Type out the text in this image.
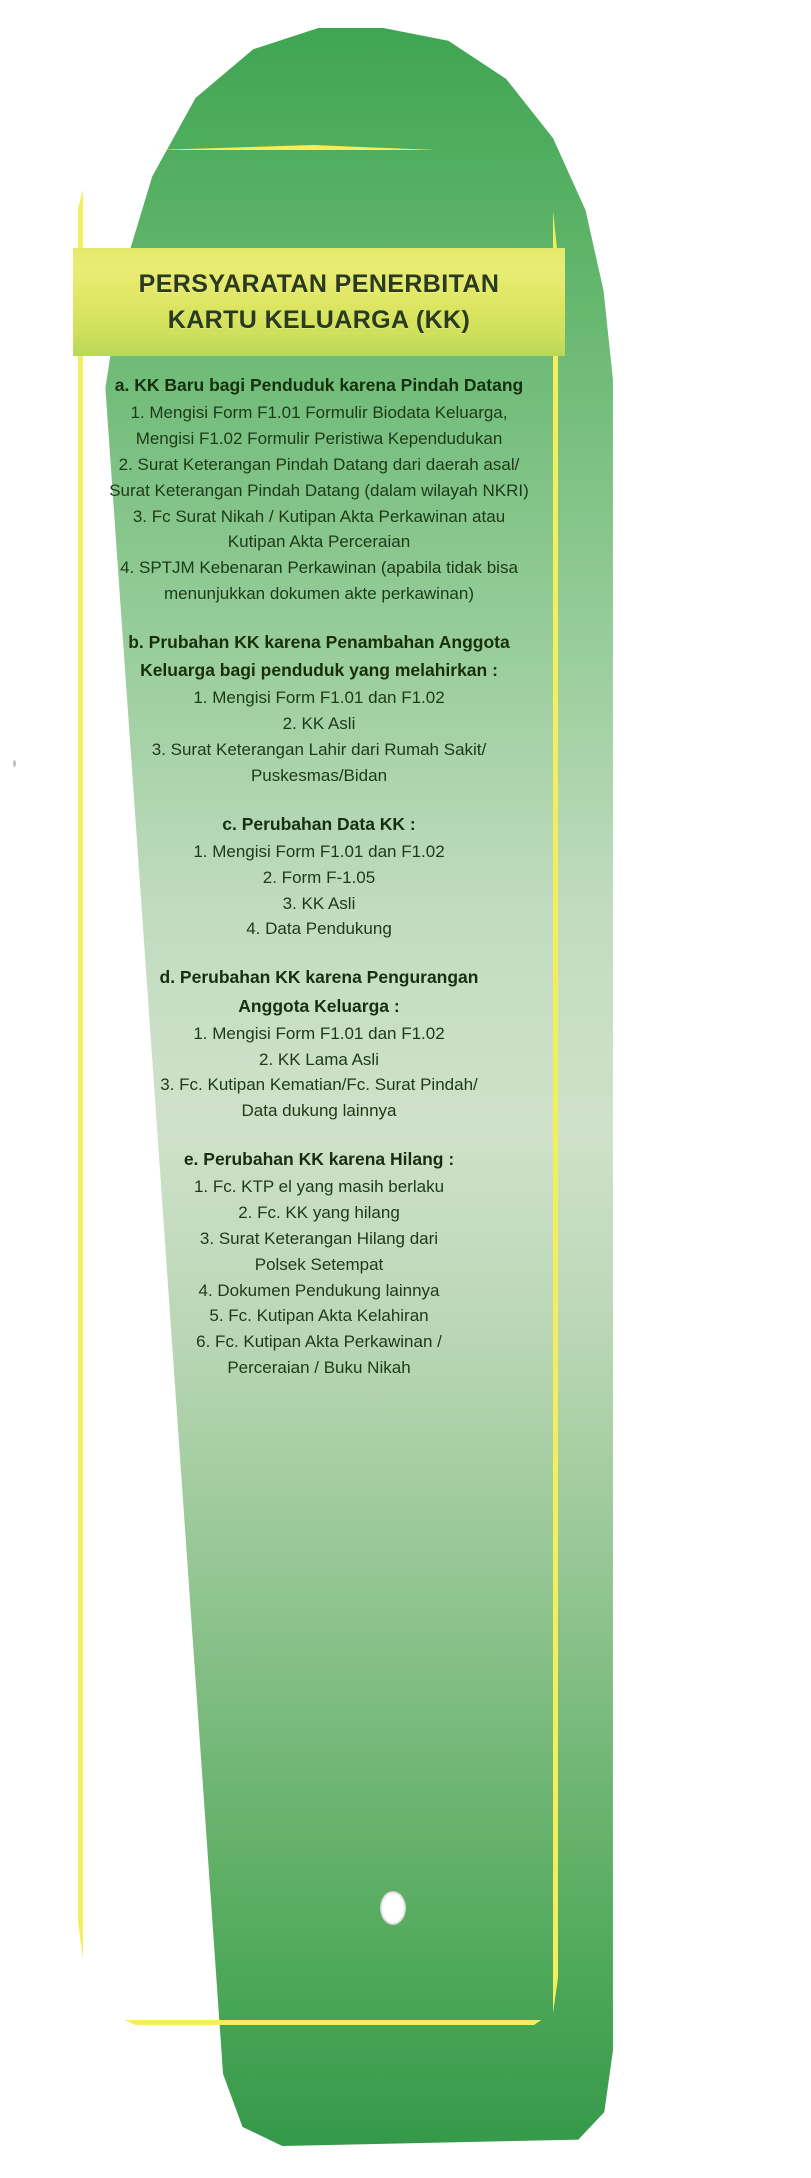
PERSYARATAN PENERBITAN
KARTU KELUARGA (KK)
a. KK Baru bagi Penduduk karena Pindah Datang
1. Mengisi Form F1.01 Formulir Biodata Keluarga,
Mengisi F1.02 Formulir Peristiwa Kependudukan
2. Surat Keterangan Pindah Datang dari daerah asal/
Surat Keterangan Pindah Datang (dalam wilayah NKRI)
3. Fc Surat Nikah / Kutipan Akta Perkawinan atau
Kutipan Akta Perceraian
4. SPTJM Kebenaran Perkawinan (apabila tidak bisa
menunjukkan dokumen akte perkawinan)
b. Prubahan KK karena Penambahan Anggota
Keluarga bagi penduduk yang melahirkan :
1. Mengisi Form F1.01 dan F1.02
2. KK Asli
3. Surat Keterangan Lahir dari Rumah Sakit/
Puskesmas/Bidan
c. Perubahan Data KK :
1. Mengisi Form F1.01 dan F1.02
2. Form F-1.05
3. KK Asli
4. Data Pendukung
d. Perubahan KK karena Pengurangan
Anggota Keluarga :
1. Mengisi Form F1.01 dan F1.02
2. KK Lama Asli
3. Fc. Kutipan Kematian/Fc. Surat Pindah/
Data dukung lainnya
e. Perubahan KK karena Hilang :
1. Fc. KTP el yang masih berlaku
2. Fc. KK yang hilang
3. Surat Keterangan Hilang dari
Polsek Setempat
4. Dokumen Pendukung lainnya
5. Fc. Kutipan Akta Kelahiran
6. Fc. Kutipan Akta Perkawinan /
Perceraian / Buku Nikah
